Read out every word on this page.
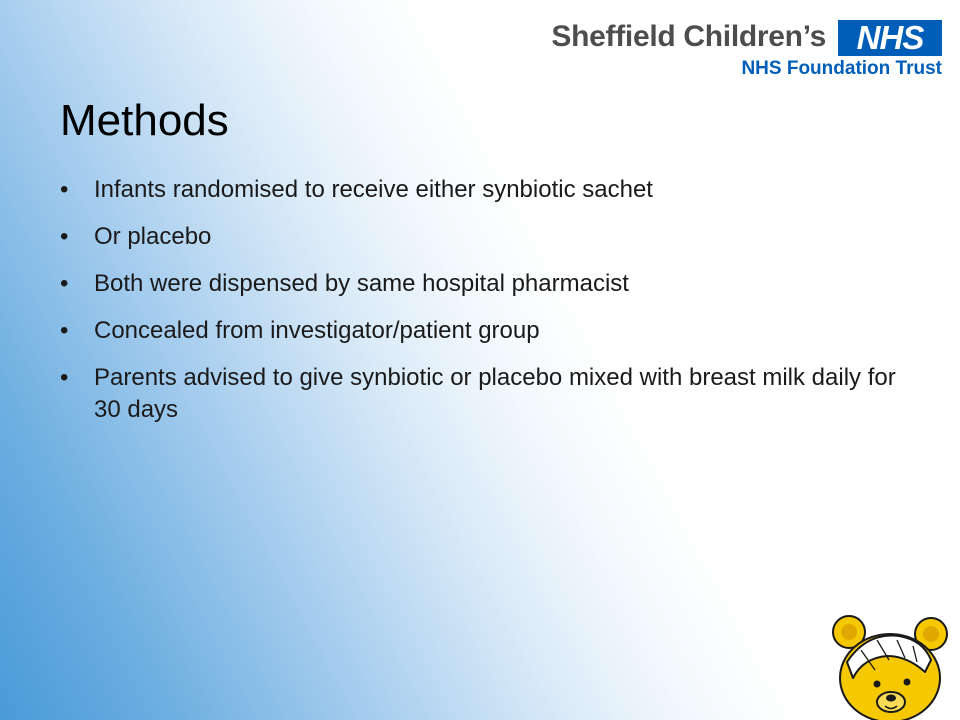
Sheffield Children’s NHS
NHS Foundation Trust
Methods
• Infants randomised to receive either synbiotic sachet
• Or placebo
• Both were dispensed by same hospital pharmacist
• Concealed from investigator/patient group
• Parents advised to give synbiotic or placebo mixed with breast milk daily for 30 days
